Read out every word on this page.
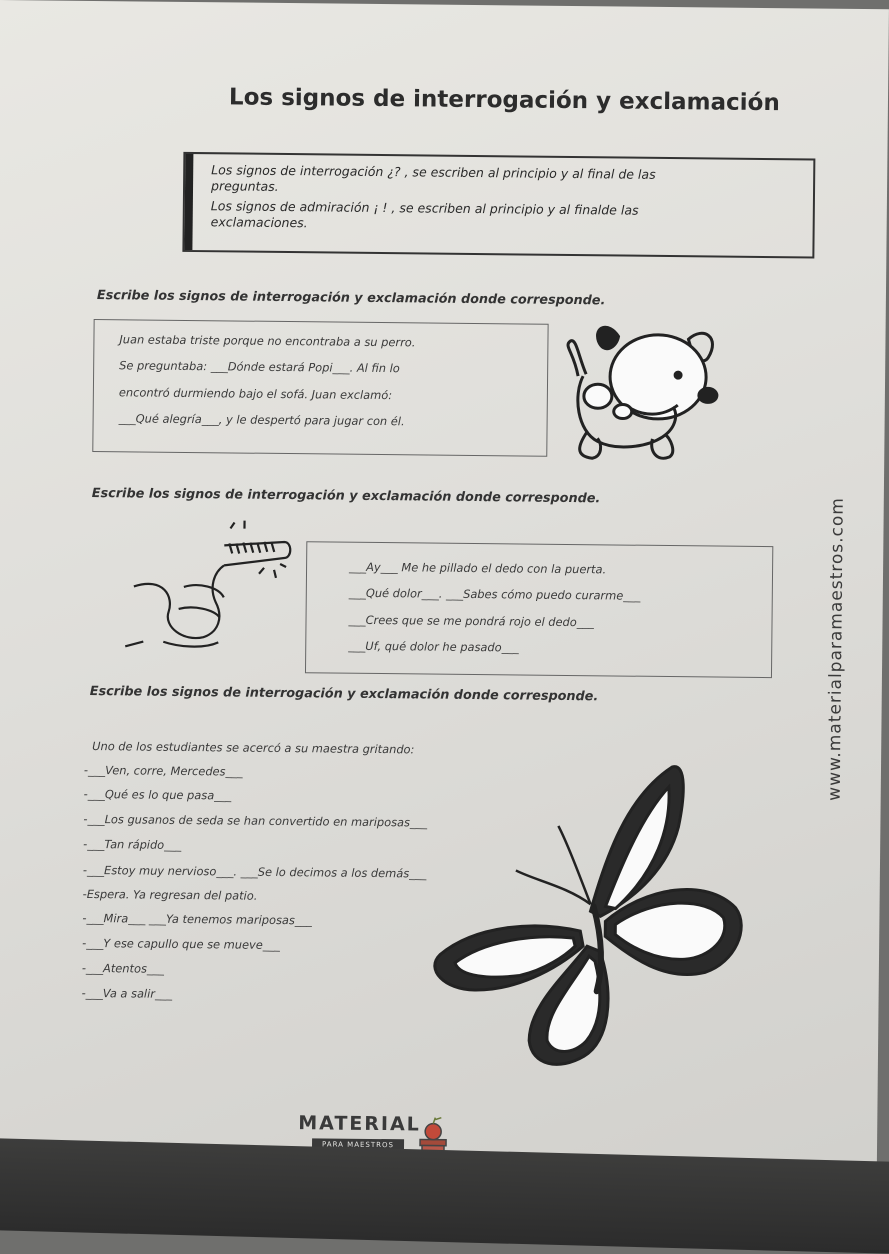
Los signos de interrogación y exclamación

Los signos de interrogación ¿? , se escriben al principio y al final de las

preguntas.

Los signos de admiración ¡ ! , se escriben al principio y al finalde las

exclamaciones.

Escribe los signos de interrogación y exclamación donde corresponde.
Juan estaba triste porque no encontraba a su perro.
Se preguntaba: ___Dónde estará Popi___. Al fin lo
encontró durmiendo bajo el sofá. Juan exclamó:
___Qué alegría___, y le despertó para jugar con él.
Escribe los signos de interrogación y exclamación donde corresponde.
___Ay___ Me he pillado el dedo con la puerta.
___Qué dolor___. ___Sabes cómo puedo curarme___
___Crees que se me pondrá rojo el dedo___
___Uf, qué dolor he pasado___
Escribe los signos de interrogación y exclamación donde corresponde.
Uno de los estudiantes se acercó a su maestra gritando:
-___Ven, corre, Mercedes___
-___Qué es lo que pasa___
-___Los gusanos de seda se han convertido en mariposas___
-___Tan rápido___
-___Estoy muy nervioso___. ___Se lo decimos a los demás___
-Espera. Ya regresan del patio.
-___Mira___ ___Ya tenemos mariposas___
-___Y ese capullo que se mueve___
-___Atentos___
-___Va a salir___
www.materialparamaestros.com
MATERIAL
PARA MAESTROS
